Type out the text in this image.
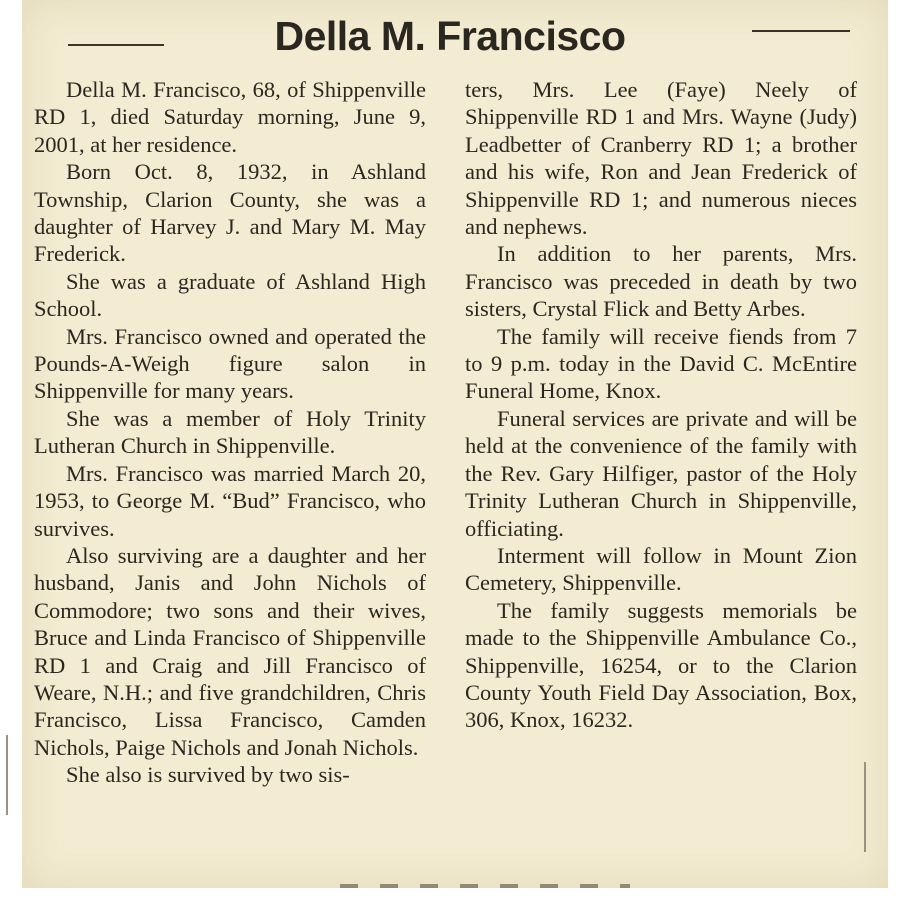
Della M. Francisco

Della M. Francisco, 68, of Shippenville RD 1, died Saturday morning, June 9, 2001, at her residence.

Born Oct. 8, 1932, in Ashland Township, Clarion County, she was a daughter of Harvey J. and Mary M. May Frederick.

She was a graduate of Ashland High School.

Mrs. Francisco owned and operated the Pounds-A-Weigh figure salon in Shippenville for many years.

She was a member of Holy Trinity Lutheran Church in Shippenville.

Mrs. Francisco was married March 20, 1953, to George M. “Bud” Francisco, who survives.

Also surviving are a daughter and her husband, Janis and John Nichols of Commodore; two sons and their wives, Bruce and Linda Francisco of Shippenville RD 1 and Craig and Jill Francisco of Weare, N.H.; and five grandchildren, Chris Francisco, Lissa Francisco, Camden Nichols, Paige Nichols and Jonah Nichols.

She also is survived by two sis-

ters, Mrs. Lee (Faye) Neely of Shippenville RD 1 and Mrs. Wayne (Judy) Leadbetter of Cranberry RD 1; a brother and his wife, Ron and Jean Frederick of Shippenville RD 1; and numerous nieces and nephews.

In addition to her parents, Mrs. Francisco was preceded in death by two sisters, Crystal Flick and Betty Arbes.

The family will receive fiends from 7 to 9 p.m. today in the David C. McEntire Funeral Home, Knox.

Funeral services are private and will be held at the convenience of the family with the Rev. Gary Hilfiger, pastor of the Holy Trinity Lutheran Church in Shippenville, officiating.

Interment will follow in Mount Zion Cemetery, Shippenville.

The family suggests memorials be made to the Shippenville Ambulance Co., Shippenville, 16254, or to the Clarion County Youth Field Day Association, Box, 306, Knox, 16232.
